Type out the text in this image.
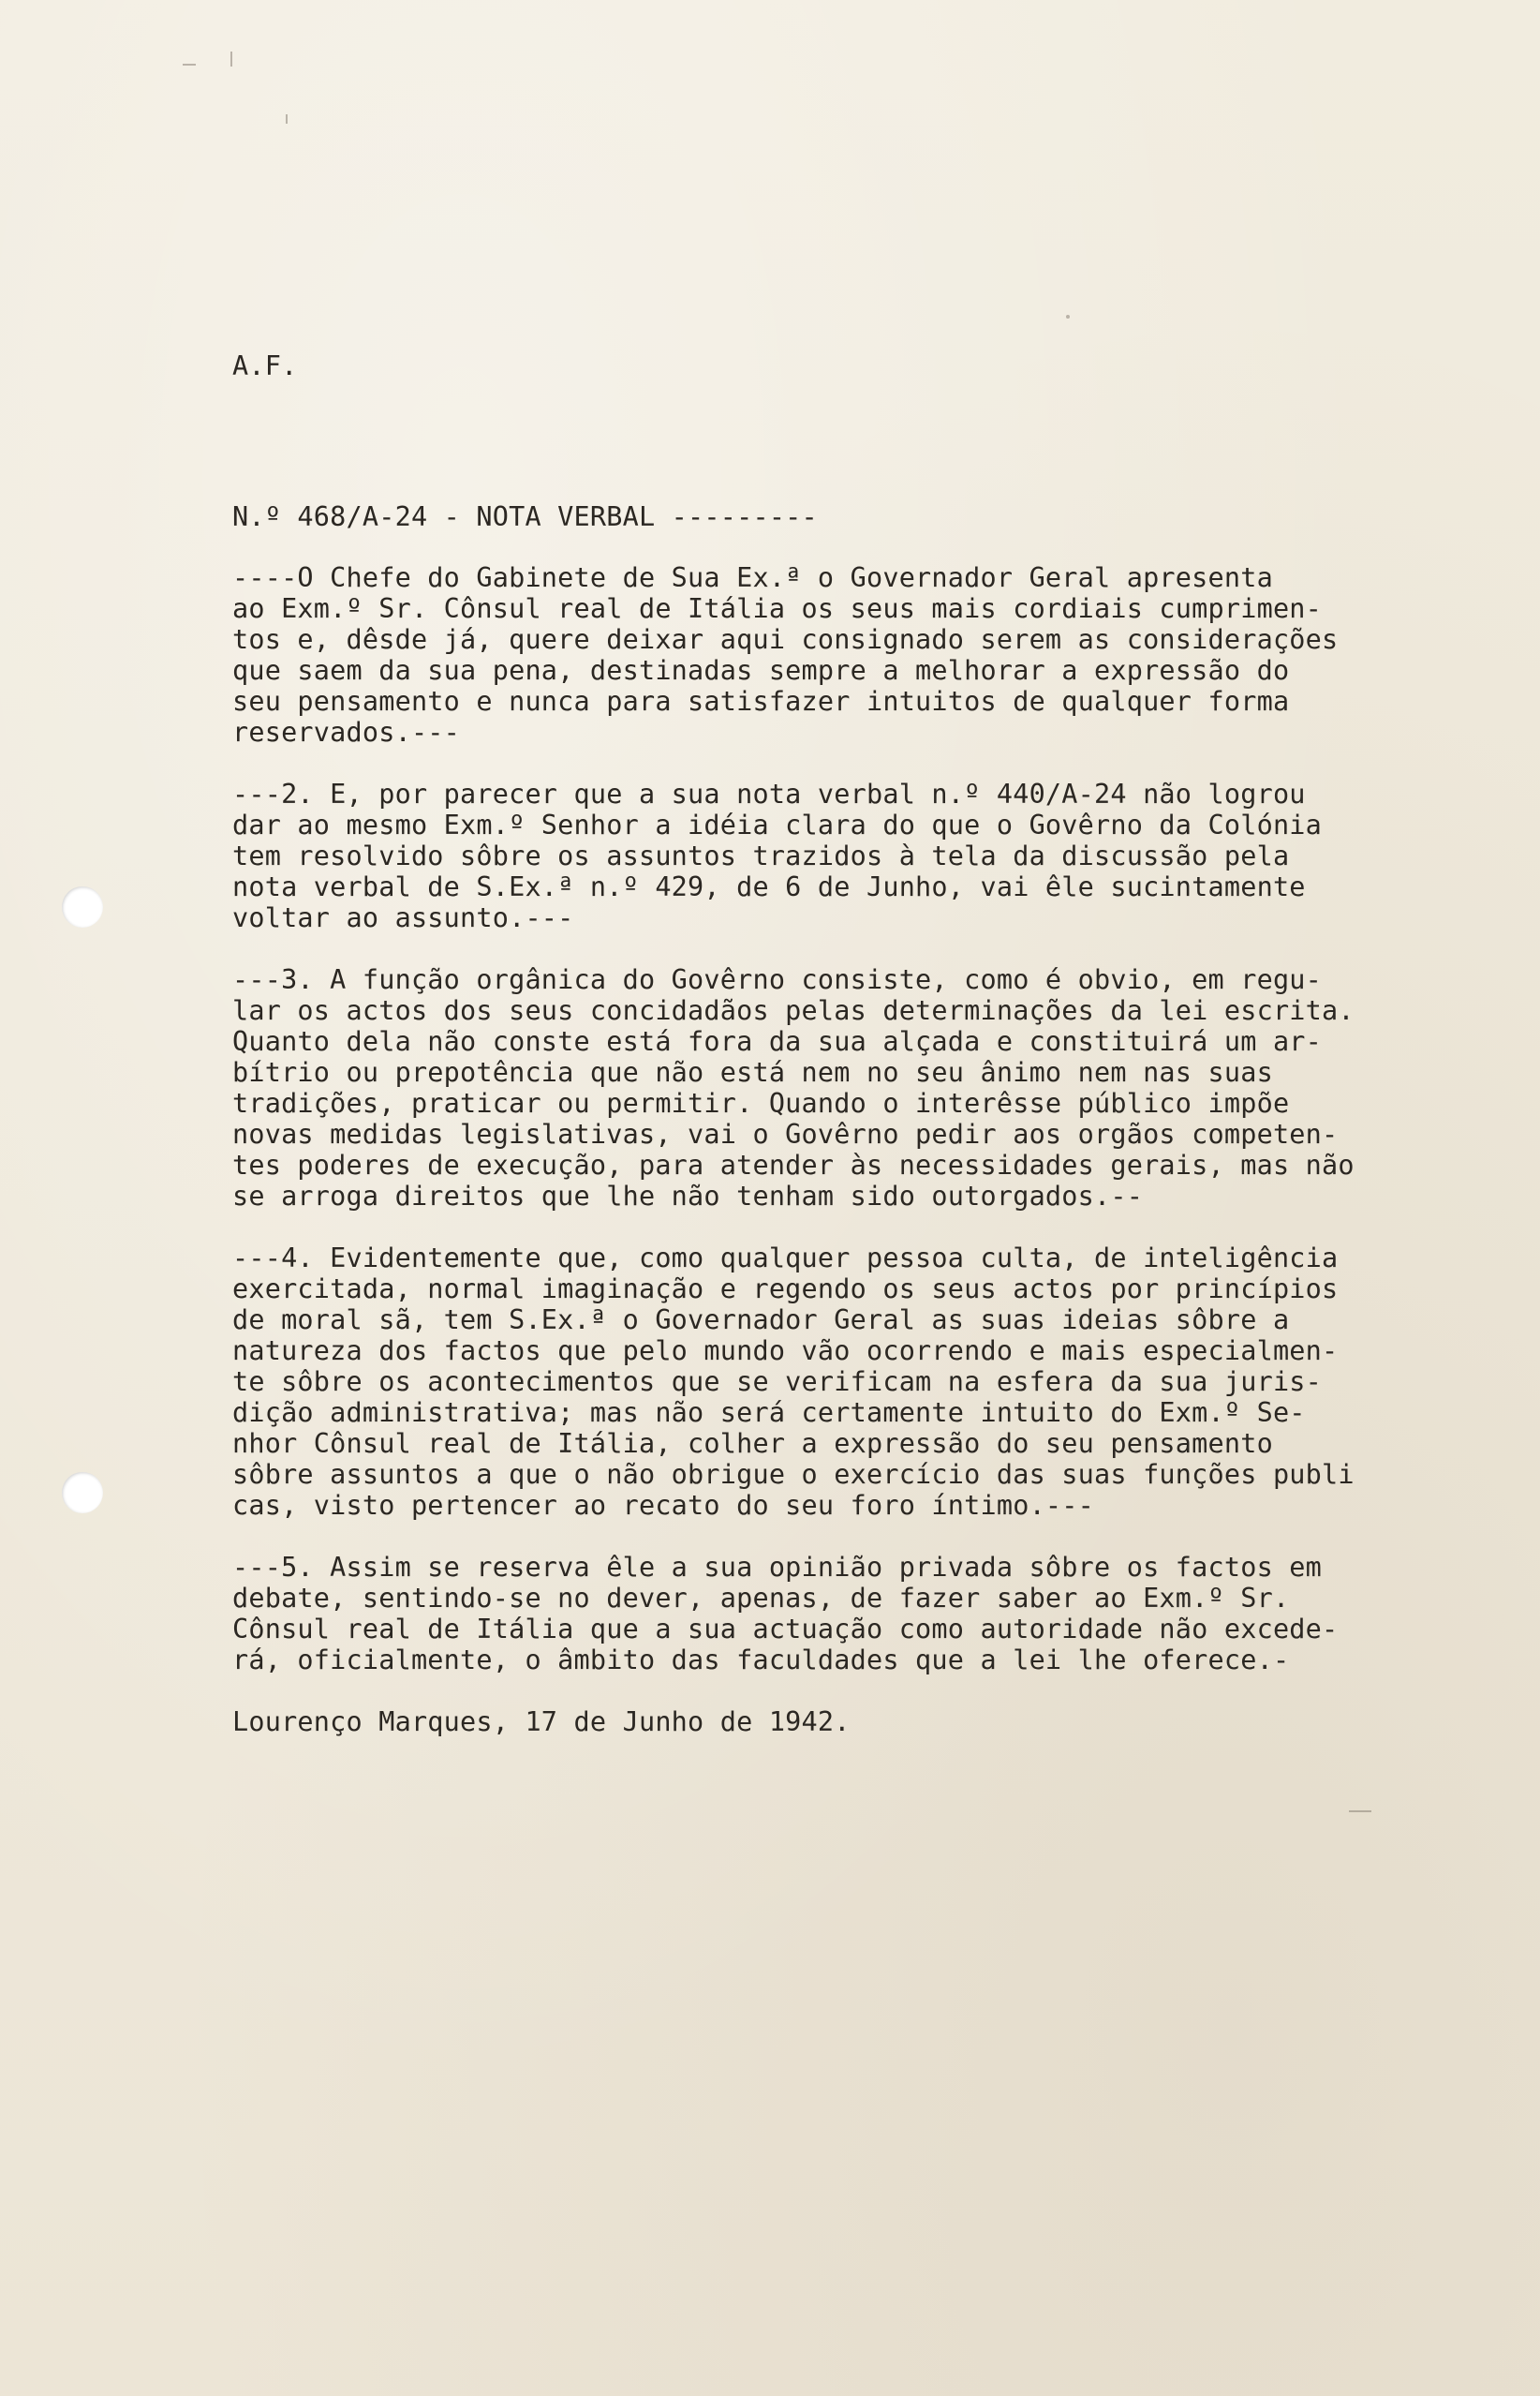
A.F.
N.º 468/A-24 - NOTA VERBAL ---------
----O Chefe do Gabinete de Sua Ex.ª o Governador Geral apresenta
ao Exm.º Sr. Cônsul real de Itália os seus mais cordiais cumprimen-
tos e, dêsde já, quere deixar aqui consignado serem as considerações
que saem da sua pena, destinadas sempre a melhorar a expressão do
seu pensamento e nunca para satisfazer intuitos de qualquer forma
reservados.---
---2. E, por parecer que a sua nota verbal n.º 440/A-24 não logrou
dar ao mesmo Exm.º Senhor a idéia clara do que o Govêrno da Colónia
tem resolvido sôbre os assuntos trazidos à tela da discussão pela
nota verbal de S.Ex.ª n.º 429, de 6 de Junho, vai êle sucintamente
voltar ao assunto.---
---3. A função orgânica do Govêrno consiste, como é obvio, em regu-
lar os actos dos seus concidadãos pelas determinações da lei escrita.
Quanto dela não conste está fora da sua alçada e constituirá um ar-
bítrio ou prepotência que não está nem no seu ânimo nem nas suas
tradições, praticar ou permitir. Quando o interêsse público impõe
novas medidas legislativas, vai o Govêrno pedir aos orgãos competen-
tes poderes de execução, para atender às necessidades gerais, mas não
se arroga direitos que lhe não tenham sido outorgados.--
---4. Evidentemente que, como qualquer pessoa culta, de inteligência
exercitada, normal imaginação e regendo os seus actos por princípios
de moral sã, tem S.Ex.ª o Governador Geral as suas ideias sôbre a
natureza dos factos que pelo mundo vão ocorrendo e mais especialmen-
te sôbre os acontecimentos que se verificam na esfera da sua juris-
dição administrativa; mas não será certamente intuito do Exm.º Se-
nhor Cônsul real de Itália, colher a expressão do seu pensamento
sôbre assuntos a que o não obrigue o exercício das suas funções publi
cas, visto pertencer ao recato do seu foro íntimo.---
---5. Assim se reserva êle a sua opinião privada sôbre os factos em
debate, sentindo-se no dever, apenas, de fazer saber ao Exm.º Sr.
Cônsul real de Itália que a sua actuação como autoridade não excede-
rá, oficialmente, o âmbito das faculdades que a lei lhe oferece.-
Lourenço Marques, 17 de Junho de 1942.
